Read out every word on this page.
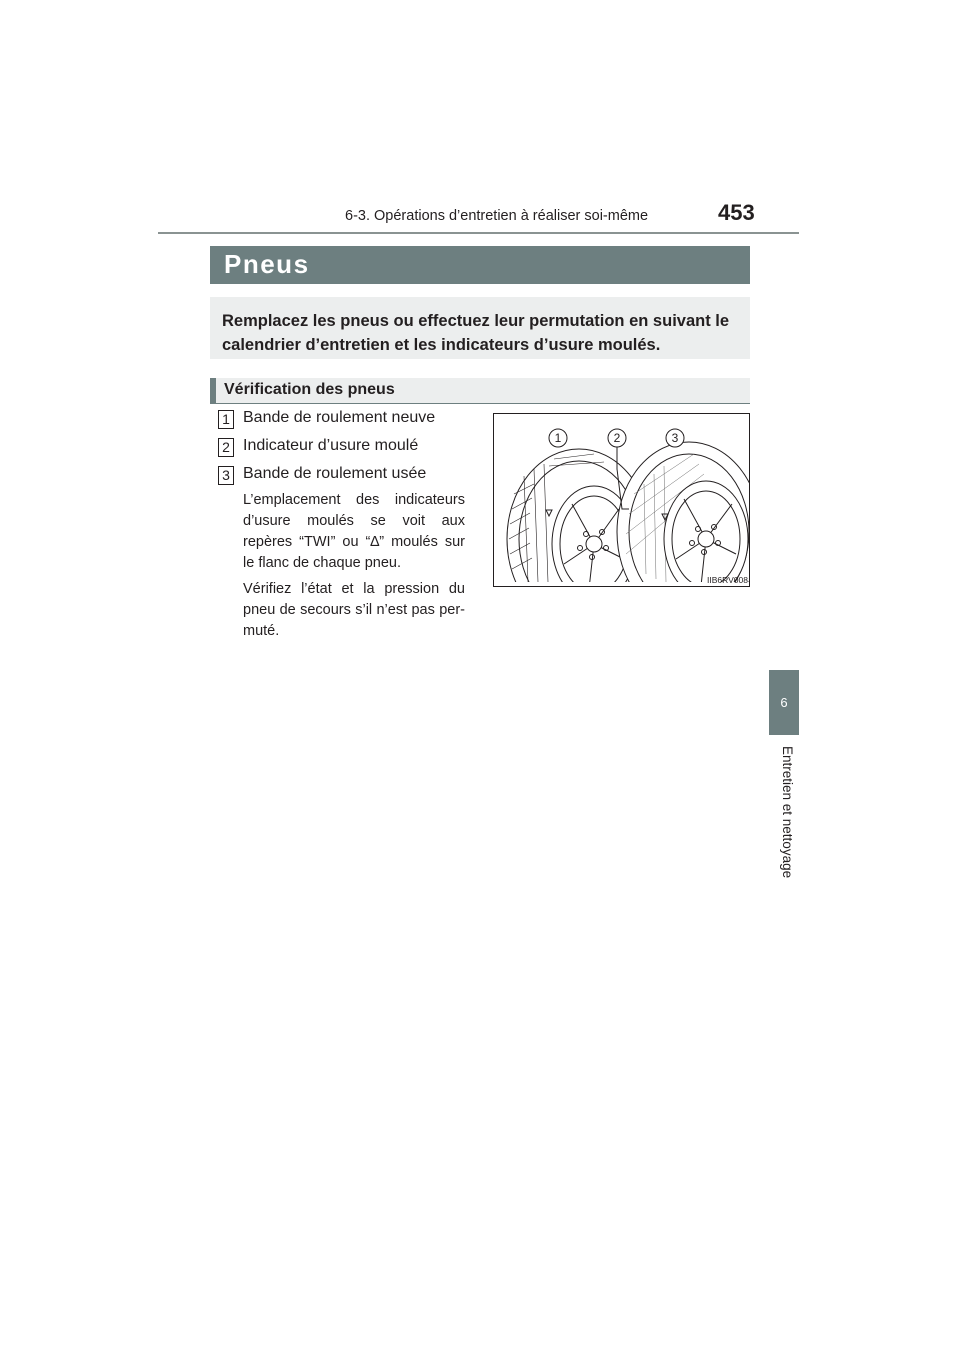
6-3. Opérations d’entretien à réaliser soi-même	453
6
Entretien et nettoyage
Pneus
Remplacez les pneus ou effectuez leur permutation en suivant le calendrier d’entretien et les indicateurs d’usure moulés.
Vérification des pneus
1 Bande de roulement neuve
2 Indicateur d’usure moulé
3 Bande de roulement usée
L’emplacement des indicateurs d’usure moulés se voit aux repères “TWI” ou “∆” moulés sur le flanc de chaque pneu.
Vérifiez l’état et la pression du pneu de secours s’il n’est pas per-muté.
1	2	3
IIB6RV008
